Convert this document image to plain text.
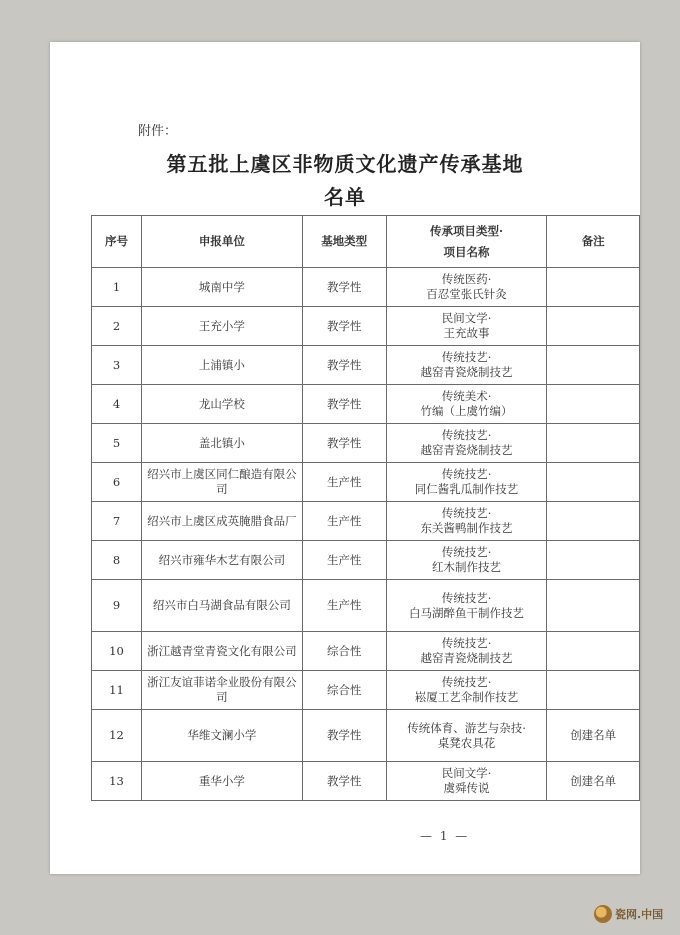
附件：
第五批上虞区非物质文化遗产传承基地
名单
序号	申报单位	基地类型	传承项目类型·
项目名称	备注
1	城南中学	教学性	传统医药·
百忍堂张氏针灸	

2	王充小学	教学性	民间文学·
王充故事	

3	上浦镇小	教学性	传统技艺·
越窑青瓷烧制技艺	

4	龙山学校	教学性	传统美术·
竹编（上虞竹编）	

5	盖北镇小	教学性	传统技艺·
越窑青瓷烧制技艺	

6	绍兴市上虞区同仁酿造有限公司	生产性	传统技艺·
同仁酱乳瓜制作技艺	

7	绍兴市上虞区成英腌腊食品厂	生产性	传统技艺·
东关酱鸭制作技艺	

8	绍兴市雍华木艺有限公司	生产性	传统技艺·
红木制作技艺	

9	绍兴市白马湖食品有限公司	生产性	传统技艺·
白马湖醉鱼干制作技艺	

10	浙江越青堂青瓷文化有限公司	综合性	传统技艺·
越窑青瓷烧制技艺	

11	浙江友谊菲诺伞业股份有限公司	综合性	传统技艺·
崧厦工艺伞制作技艺	

12	华维文澜小学	教学性	传统体育、游艺与杂技·
桌凳农具花	创建名单
13	重华小学	教学性	民间文学·
虞舜传说	创建名单
— 1 —
瓷网.中国
